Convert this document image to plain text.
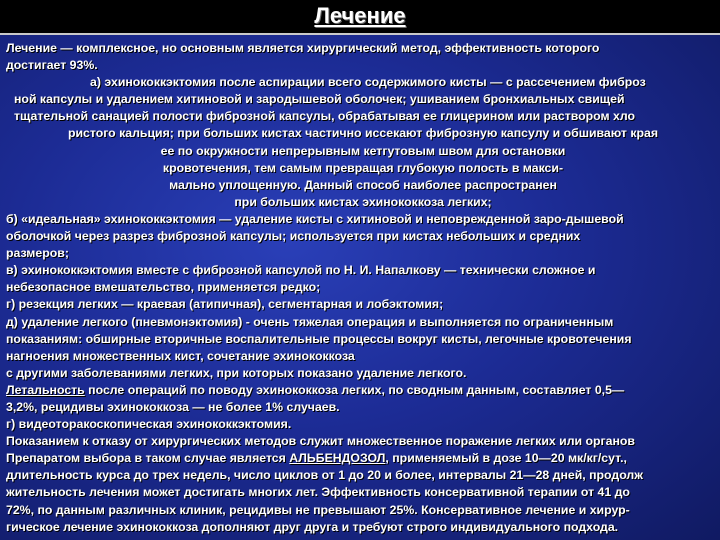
Лечение
Лечение — комплексное, но основным является хирургический метод, эффективность которого
достигает 93%.
а) эхинококкэктомия после аспирации всего содержимого кисты — с рассечением фиброз
ной капсулы и удалением хитиновой и зародышевой оболочек; ушиванием бронхиальных свищей
тщательной санацией полости фиброзной капсулы, обрабатывая ее глицерином или раствором хло
ристого кальция; при больших кистах частично иссекают фиброзную капсулу и обшивают края
ее по окружности непрерывным кетгутовым швом для остановки
кровотечения, тем самым превращая глубокую полость в макси-
мально уплощенную. Данный способ наиболее распространен
при больших кистах эхинококкоза легких;
б) «идеальная» эхинококкэктомия — удаление кисты с хитиновой и неповрежденной заро-дышевой
оболочкой через разрез фиброзной капсулы; используется при кистах небольших и средних
размеров;
в) эхинококкэктомия вместе с фиброзной капсулой по Н. И. Напалкову — технически сложное и
небезопасное вмешательство, применяется редко;
г) резекция легких — краевая (атипичная), сегментарная и лобэктомия;
д) удаление легкого (пневмонэктомия) - очень тяжелая операция и выполняется по ограниченным
показаниям: обширные вторичные воспалительные процессы вокруг кисты, легочные кровотечения
нагноения множественных кист, сочетание эхинококкоза
с другими заболеваниями легких, при которых показано удаление легкого.
Летальность после операций по поводу эхинококкоза легких, по сводным данным, составляет 0,5—
3,2%, рецидивы эхинококкоза — не более 1% случаев.
г) видеоторакоскопическая эхинококкэктомия.
Показанием к отказу от хирургических методов служит множественное поражение легких или органов
Препаратом выбора в таком случае является АЛЬБЕНДОЗОЛ, применяемый в дозе 10—20 мк/кг/сут.,
длительность курса до трех недель, число циклов от 1 до 20 и более, интервалы 21—28 дней, продолж
жительность лечения может достигать многих лет. Эффективность консервативной терапии от 41 до
72%, по данным различных клиник, рецидивы не превышают 25%. Консервативное лечение и хирур-
гическое лечение эхинококкоза дополняют друг друга и требуют строго индивидуального подхода.
